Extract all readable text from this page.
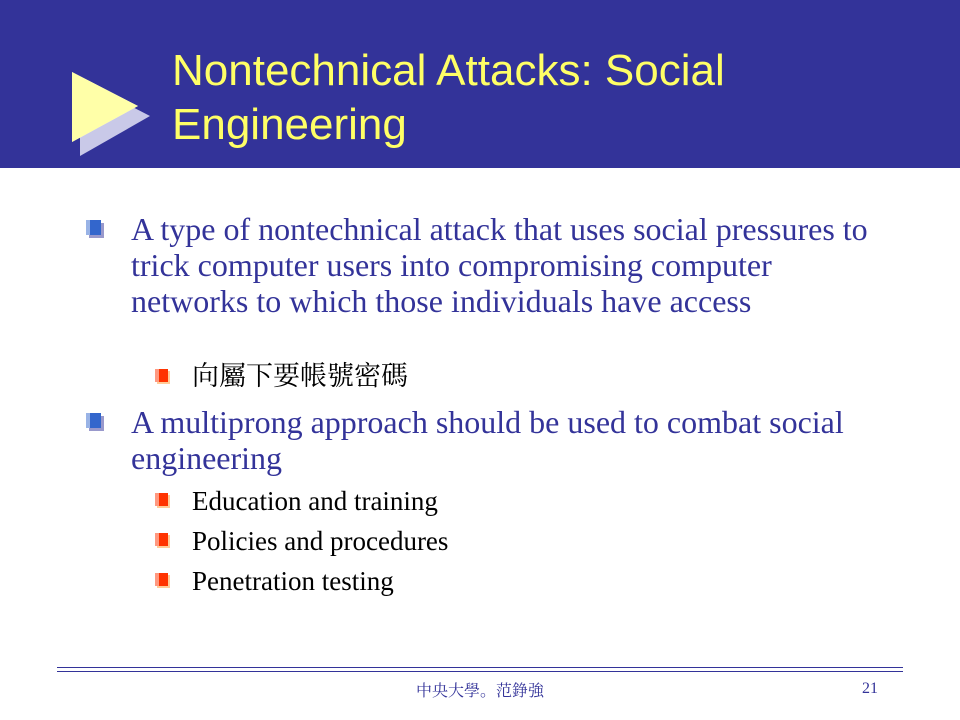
Nontechnical Attacks: Social Engineering

A type of nontechnical attack that uses social pressures to trick computer users into compromising computer networks to which those individuals have access

向屬下要帳號密碼

A multiprong approach should be used to combat social engineering

Education and training

Policies and procedures

Penetration testing

中央大學。范錚強	21
